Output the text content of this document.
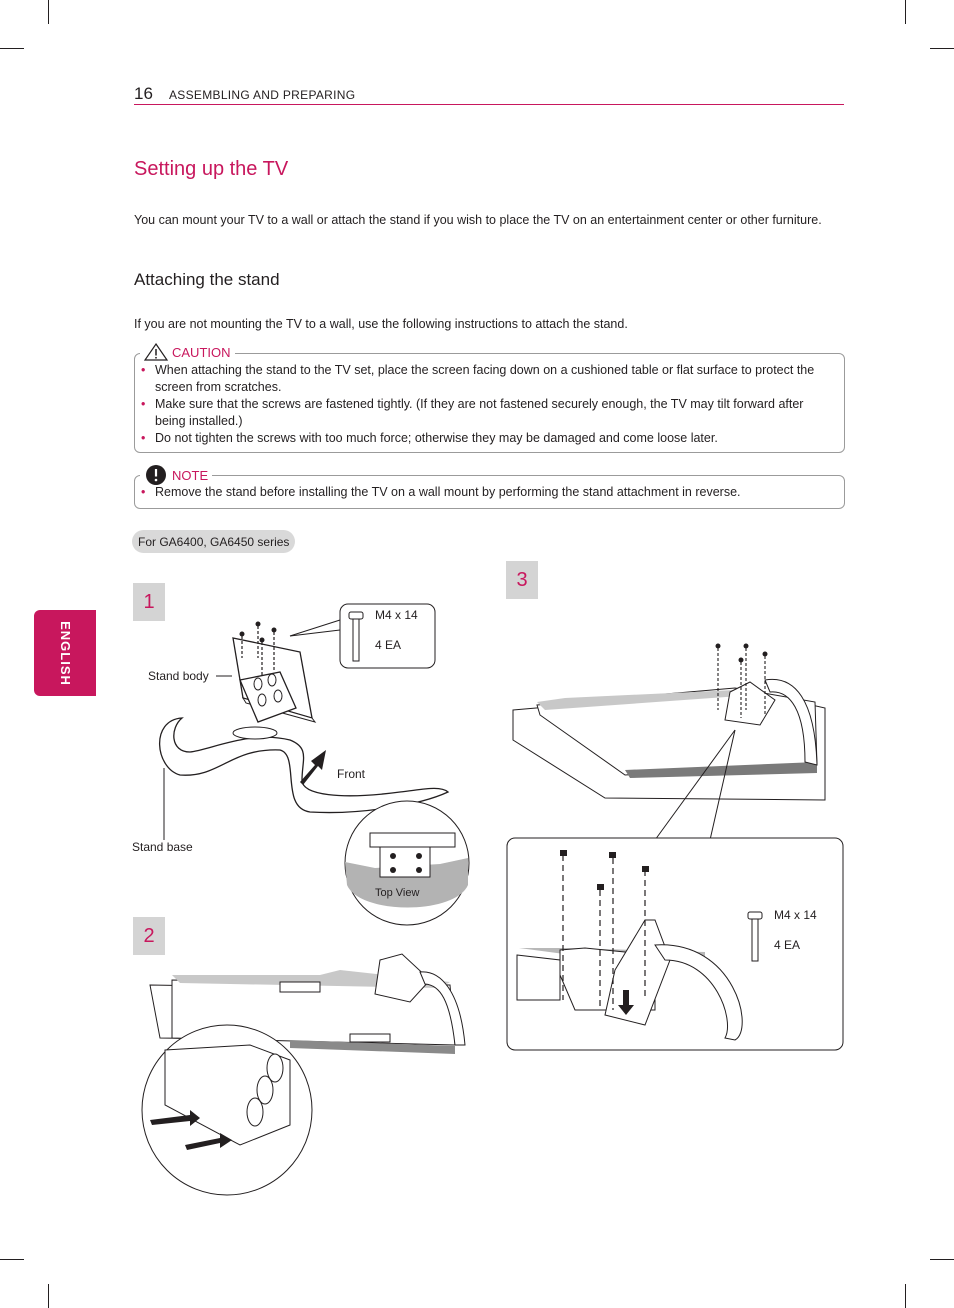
16 ASSEMBLING AND PREPARING
ENGLISH
Setting up the TV
You can mount your TV to a wall or attach the stand if you wish to place the TV on an entertainment center or other furniture.
Attaching the stand
If you are not mounting the TV to a wall, use the following instructions to attach the stand.
CAUTION
• When attaching the stand to the TV set, place the screen facing down on a cushioned table or flat surface to protect the screen from scratches.
• Make sure that the screws are fastened tightly. (If they are not fastened securely enough, the TV may tilt forward after being installed.)
• Do not tighten the screws with too much force; otherwise they may be damaged and come loose later.
NOTE
• Remove the stand before installing the TV on a wall mount by performing the stand attachment in reverse.
For GA6400, GA6450 series
1
2
3
M4 x 14
4 EA
Stand body
Front
Stand base
Top View
M4 x 14
4 EA
